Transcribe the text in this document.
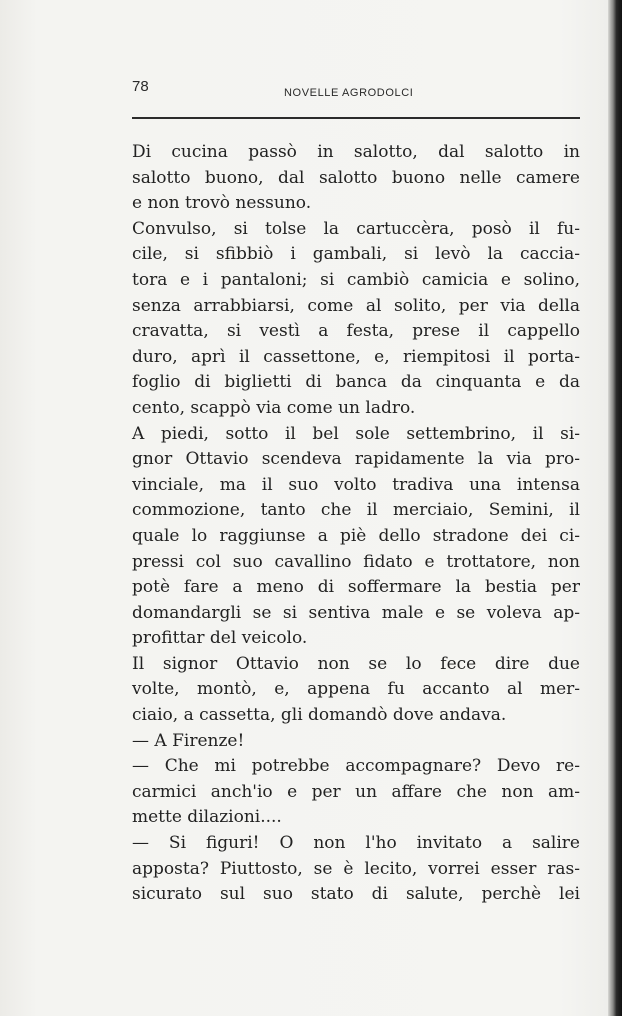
78	NOVELLE AGRODOLCI
Di cucina passò in salotto, dal salotto in
salotto buono, dal salotto buono nelle camere
e non trovò nessuno.
Convulso, si tolse la cartuccèra, posò il fu-
cile, si sfibbiò i gambali, si levò la caccia-
tora e i pantaloni; si cambiò camicia e solino,
senza arrabbiarsi, come al solito, per via della
cravatta, si vestì a festa, prese il cappello
duro, aprì il cassettone, e, riempitosi il porta-
foglio di biglietti di banca da cinquanta e da
cento, scappò via come un ladro.
A piedi, sotto il bel sole settembrino, il si-
gnor Ottavio scendeva rapidamente la via pro-
vinciale, ma il suo volto tradiva una intensa
commozione, tanto che il merciaio, Semini, il
quale lo raggiunse a piè dello stradone dei ci-
pressi col suo cavallino fidato e trottatore, non
potè fare a meno di soffermare la bestia per
domandargli se si sentiva male e se voleva ap-
profittar del veicolo.
Il signor Ottavio non se lo fece dire due
volte, montò, e, appena fu accanto al mer-
ciaio, a cassetta, gli domandò dove andava.
— A Firenze!
— Che mi potrebbe accompagnare? Devo re-
carmici anch'io e per un affare che non am-
mette dilazioni....
— Si figuri! O non l'ho invitato a salire
apposta? Piuttosto, se è lecito, vorrei esser ras-
sicurato sul suo stato di salute, perchè lei
